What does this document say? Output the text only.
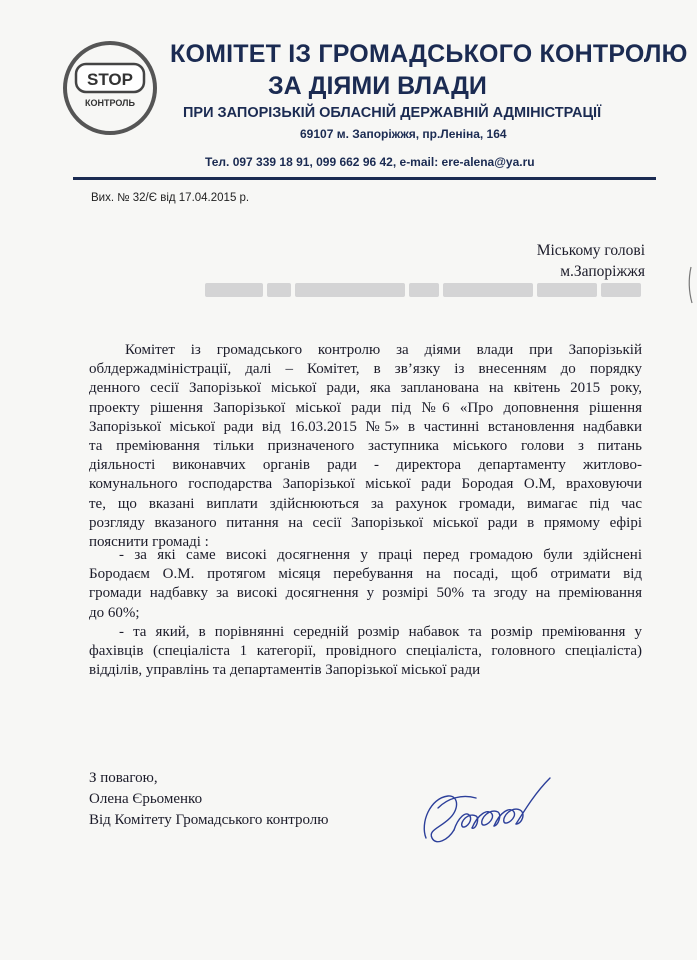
STOP
КОНТРОЛЬ
КОМІТЕТ ІЗ ГРОМАДСЬКОГО КОНТРОЛЮ
ЗА ДІЯМИ ВЛАДИ
ПРИ ЗАПОРІЗЬКІЙ ОБЛАСНІЙ ДЕРЖАВНІЙ АДМІНІСТРАЦІЇ
69107 м. Запоріжжя, пр.Леніна, 164
Тел. 097 339 18 91, 099 662 96 42, e-mail: ere-alena@ya.ru
Вих. № 32/Є від 17.04.2015 р.
Міському голові
м.Запоріжжя
Комітет із громадського контролю за діями влади при Запорізькій
облдержадміністрації, далі – Комітет, в зв’язку із внесенням до порядку
денного сесії Запорізької міської ради, яка запланована на квітень 2015 року,
проекту рішення Запорізької міської ради під №6 «Про доповнення рішення
Запорізької міської ради від 16.03.2015 №5» в частинні встановлення надбавки
та преміювання тільки призначеного заступника міського голови з питань
діяльності виконавчих органів ради - директора департаменту житлово-
комунального господарства Запорізької міської ради Бородая О.М, враховуючи
те, що вказані виплати здійснюються за рахунок громади, вимагає під час
розгляду вказаного питання на сесії Запорізької міської ради в прямому ефірі
пояснити громаді :
- за які саме високі досягнення у праці перед громадою були здійснені
Бородаєм О.М. протягом місяця перебування на посаді, щоб отримати від
громади надбавку за високі досягнення у розмірі 50% та згоду на преміювання
до 60%;
- та який, в порівнянні середній розмір набавок та розмір преміювання у
фахівців (спеціаліста 1 категорії, провідного спеціаліста, головного спеціаліста)
відділів, управлінь та департаментів Запорізької міської ради
З повагою,
Олена Єрьоменко
Від Комітету Громадського контролю
